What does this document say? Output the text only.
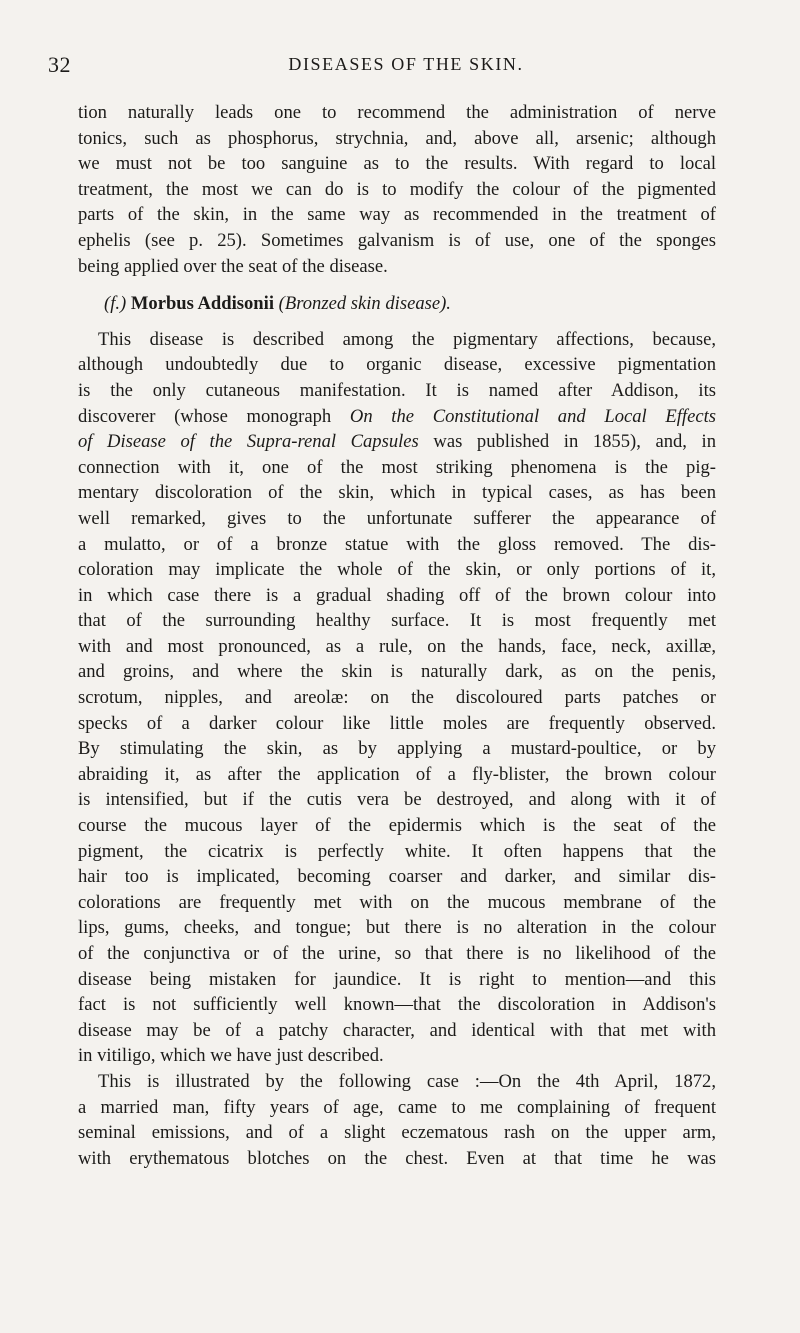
32	DISEASES OF THE SKIN.
tion naturally leads one to recommend the administration of nerve
tonics, such as phosphorus, strychnia, and, above all, arsenic; although
we must not be too sanguine as to the results. With regard to local
treatment, the most we can do is to modify the colour of the pigmented
parts of the skin, in the same way as recommended in the treatment of
ephelis (see p. 25). Sometimes galvanism is of use, one of the sponges
being applied over the seat of the disease.
(f.) Morbus Addisonii (Bronzed skin disease).
This disease is described among the pigmentary affections, because,
although undoubtedly due to organic disease, excessive pigmentation
is the only cutaneous manifestation. It is named after Addison, its
discoverer (whose monograph On the Constitutional and Local Effects
of Disease of the Supra-renal Capsules was published in 1855), and, in
connection with it, one of the most striking phenomena is the pig-
mentary discoloration of the skin, which in typical cases, as has been
well remarked, gives to the unfortunate sufferer the appearance of
a mulatto, or of a bronze statue with the gloss removed. The dis-
coloration may implicate the whole of the skin, or only portions of it,
in which case there is a gradual shading off of the brown colour into
that of the surrounding healthy surface. It is most frequently met
with and most pronounced, as a rule, on the hands, face, neck, axillæ,
and groins, and where the skin is naturally dark, as on the penis,
scrotum, nipples, and areolæ: on the discoloured parts patches or
specks of a darker colour like little moles are frequently observed.
By stimulating the skin, as by applying a mustard-poultice, or by
abraiding it, as after the application of a fly-blister, the brown colour
is intensified, but if the cutis vera be destroyed, and along with it of
course the mucous layer of the epidermis which is the seat of the
pigment, the cicatrix is perfectly white. It often happens that the
hair too is implicated, becoming coarser and darker, and similar dis-
colorations are frequently met with on the mucous membrane of the
lips, gums, cheeks, and tongue; but there is no alteration in the colour
of the conjunctiva or of the urine, so that there is no likelihood of the
disease being mistaken for jaundice. It is right to mention—and this
fact is not sufficiently well known—that the discoloration in Addison's
disease may be of a patchy character, and identical with that met with
in vitiligo, which we have just described.
This is illustrated by the following case :—On the 4th April, 1872,
a married man, fifty years of age, came to me complaining of frequent
seminal emissions, and of a slight eczematous rash on the upper arm,
with erythematous blotches on the chest. Even at that time he was
